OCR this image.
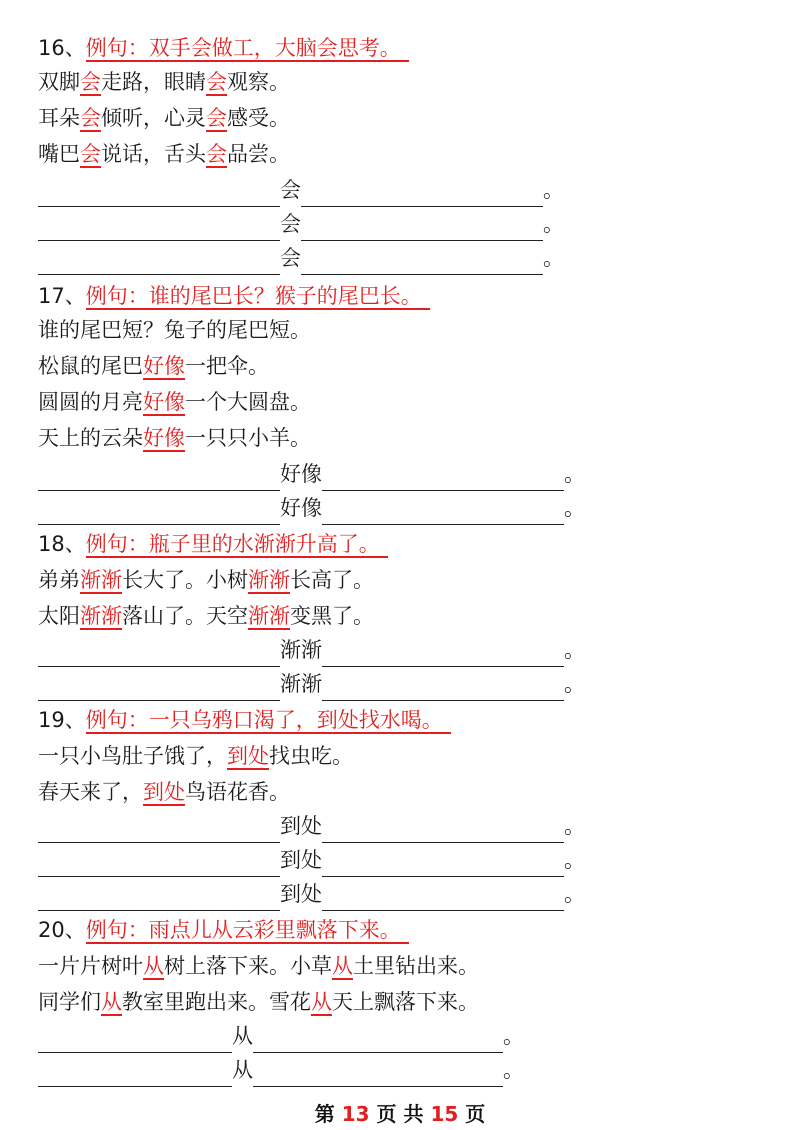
16、例句：双手会做工，大脑会思考。
双脚会走路，眼睛会观察。
耳朵会倾听，心灵会感受。
嘴巴会说话，舌头会品尝。
会	。
会	。
会	。
17、例句：谁的尾巴长？猴子的尾巴长。
谁的尾巴短？兔子的尾巴短。
松鼠的尾巴好像一把伞。
圆圆的月亮好像一个大圆盘。
天上的云朵好像一只只小羊。
好像	。
好像	。
18、例句：瓶子里的水渐渐升高了。
弟弟渐渐长大了。小树渐渐长高了。
太阳渐渐落山了。天空渐渐变黑了。
渐渐	。
渐渐	。
19、例句：一只乌鸦口渴了，到处找水喝。
一只小鸟肚子饿了，到处找虫吃。
春天来了，到处鸟语花香。
到处	。
到处	。
到处	。
20、例句：雨点儿从云彩里飘落下来。
一片片树叶从树上落下来。小草从土里钻出来。
同学们从教室里跑出来。雪花从天上飘落下来。
从	。
从	。
第 13 页 共 15 页
